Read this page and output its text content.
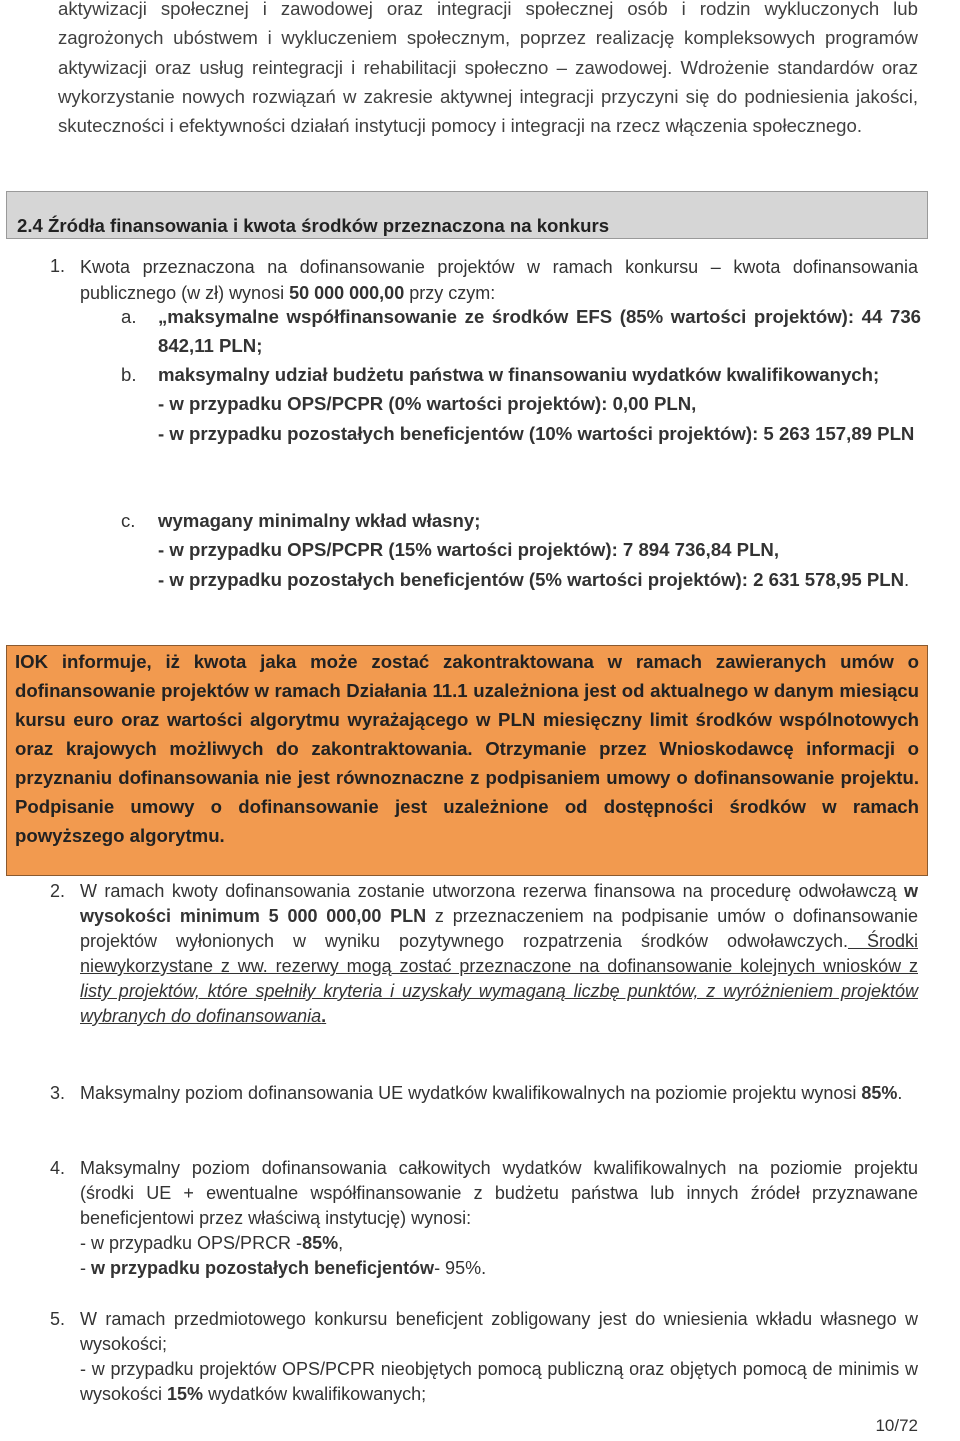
aktywizacji społecznej i zawodowej oraz integracji społecznej osób i rodzin wykluczonych lub zagrożonych ubóstwem i wykluczeniem społecznym, poprzez realizację kompleksowych programów aktywizacji oraz usług reintegracji i rehabilitacji społeczno – zawodowej. Wdrożenie standardów oraz wykorzystanie nowych rozwiązań w zakresie aktywnej integracji przyczyni się do podniesienia jakości, skuteczności i efektywności działań instytucji pomocy i integracji na rzecz włączenia społecznego.

2.4 Źródła finansowania i kwota środków przeznaczona na konkurs
1. Kwota przeznaczona na dofinansowanie projektów w ramach konkursu – kwota dofinansowania publicznego (w zł) wynosi 50 000 000,00 przy czym:

a. „maksymalne współfinansowanie ze środków EFS (85% wartości projektów): 44 736 842,11 PLN;

b. maksymalny udział budżetu państwa w finansowaniu wydatków kwalifikowanych;

- w przypadku OPS/PCPR (0% wartości projektów): 0,00 PLN,

- w przypadku pozostałych beneficjentów (10% wartości projektów): 5 263 157,89 PLN

c. wymagany minimalny wkład własny;

- w przypadku OPS/PCPR (15% wartości projektów): 7 894 736,84 PLN,

- w przypadku pozostałych beneficjentów (5% wartości projektów): 2 631 578,95 PLN.

IOK informuje, iż kwota jaka może zostać zakontraktowana w ramach zawieranych umów o dofinansowanie projektów w ramach Działania 11.1 uzależniona jest od aktualnego w danym miesiącu kursu euro oraz wartości algorytmu wyrażającego w PLN miesięczny limit środków wspólnotowych oraz krajowych możliwych do zakontraktowania. Otrzymanie przez Wnioskodawcę informacji o przyznaniu dofinansowania nie jest równoznaczne z podpisaniem umowy o dofinansowanie projektu. Podpisanie umowy o dofinansowanie jest uzależnione od dostępności środków w ramach powyższego algorytmu.

2. W ramach kwoty dofinansowania zostanie utworzona rezerwa finansowa na procedurę odwoławczą w wysokości minimum 5 000 000,00 PLN z przeznaczeniem na podpisanie umów o dofinansowanie projektów wyłonionych w wyniku pozytywnego rozpatrzenia środków odwoławczych. Środki niewykorzystane z ww. rezerwy mogą zostać przeznaczone na dofinansowanie kolejnych wniosków z listy projektów, które spełniły kryteria i uzyskały wymaganą liczbę punktów, z wyróżnieniem projektów wybranych do dofinansowania.

3. Maksymalny poziom dofinansowania UE wydatków kwalifikowalnych na poziomie projektu wynosi 85%.

4. Maksymalny poziom dofinansowania całkowitych wydatków kwalifikowalnych na poziomie projektu (środki UE + ewentualne współfinansowanie z budżetu państwa lub innych źródeł przyznawane beneficjentowi przez właściwą instytucję) wynosi:

- w przypadku OPS/PRCR -85%,

- w przypadku pozostałych beneficjentów- 95%.

5. W ramach przedmiotowego konkursu beneficjent zobligowany jest do wniesienia wkładu własnego w wysokości;

- w przypadku projektów OPS/PCPR nieobjętych pomocą publiczną oraz objętych pomocą de minimis w wysokości 15% wydatków kwalifikowanych;

10/72
